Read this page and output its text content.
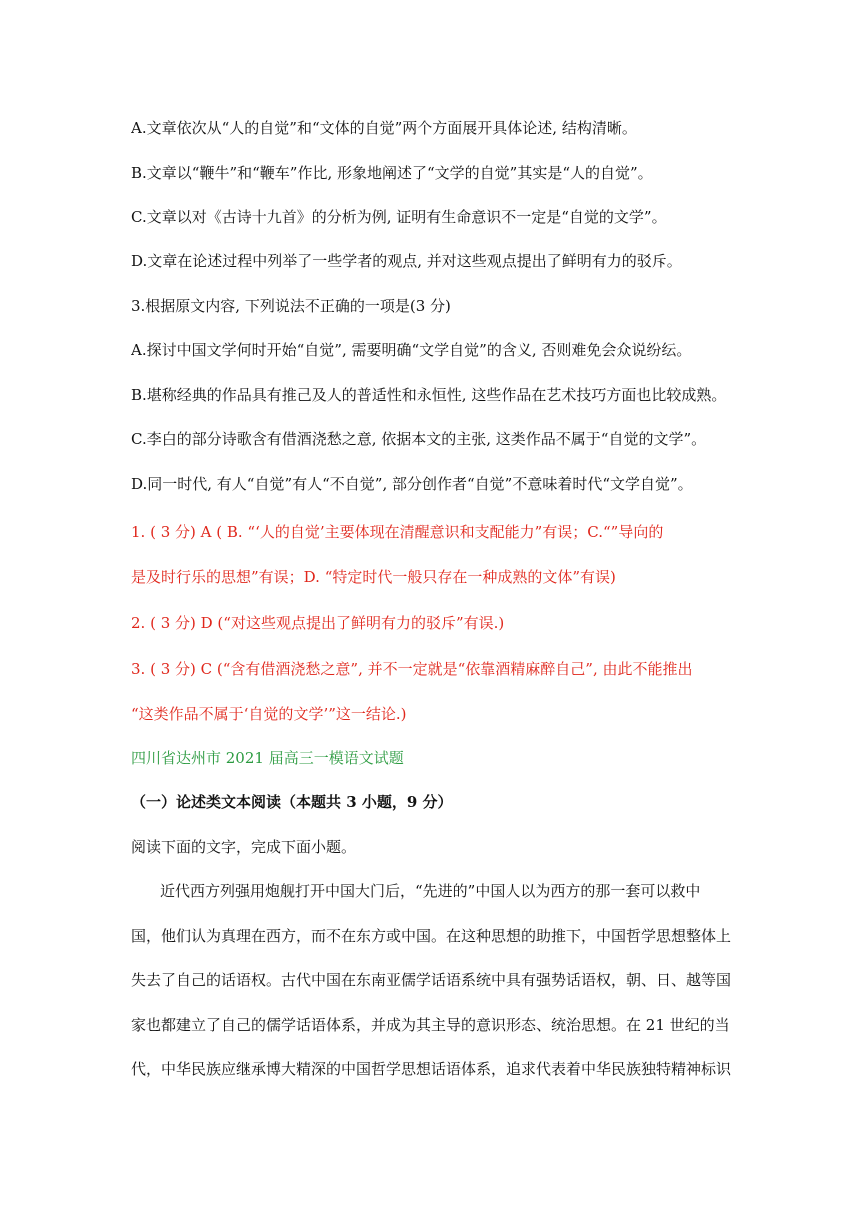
A.文章依次从“人的自觉”和“文体的自觉”两个方面展开具体论述, 结构清晰。
B.文章以“鞭牛”和“鞭车”作比, 形象地阐述了“文学的自觉”其实是“人的自觉”。
C.文章以对《古诗十九首》的分析为例, 证明有生命意识不一定是“自觉的文学”。
D.文章在论述过程中列举了一些学者的观点, 并对这些观点提出了鲜明有力的驳斥。
3.根据原文内容, 下列说法不正确的一项是(3 分)
A.探讨中国文学何时开始“自觉”, 需要明确“文学自觉”的含义, 否则难免会众说纷纭。
B.堪称经典的作品具有推己及人的普适性和永恒性, 这些作品在艺术技巧方面也比较成熟。
C.李白的部分诗歌含有借酒浇愁之意, 依据本文的主张, 这类作品不属于“自觉的文学”。
D.同一时代, 有人“自觉”有人“不自觉”, 部分创作者“自觉”不意味着时代“文学自觉”。
1. ( 3 分) A ( B. “‘人的自觉’主要体现在清醒意识和支配能力”有误；C.“”导向的
是及时行乐的思想”有误；D. “特定时代一般只存在一种成熟的文体”有误)
2. ( 3 分) D (“对这些观点提出了鲜明有力的驳斥”有误.)
3. ( 3 分) C (“含有借酒浇愁之意”, 并不一定就是“依靠酒精麻醉自己”, 由此不能推出
“这类作品不属于‘自觉的文学’”这一结论.)
四川省达州市 2021 届高三一模语文试题
（一）论述类文本阅读（本题共 3 小题，9 分）
阅读下面的文字，完成下面小题。
近代西方列强用炮舰打开中国大门后，“先进的”中国人以为西方的那一套可以救中
国，他们认为真理在西方，而不在东方或中国。在这种思想的助推下，中国哲学思想整体上
失去了自己的话语权。古代中国在东南亚儒学话语系统中具有强势话语权，朝、日、越等国
家也都建立了自己的儒学话语体系，并成为其主导的意识形态、统治思想。在 21 世纪的当
代，中华民族应继承博大精深的中国哲学思想话语体系，追求代表着中华民族独特精神标识
